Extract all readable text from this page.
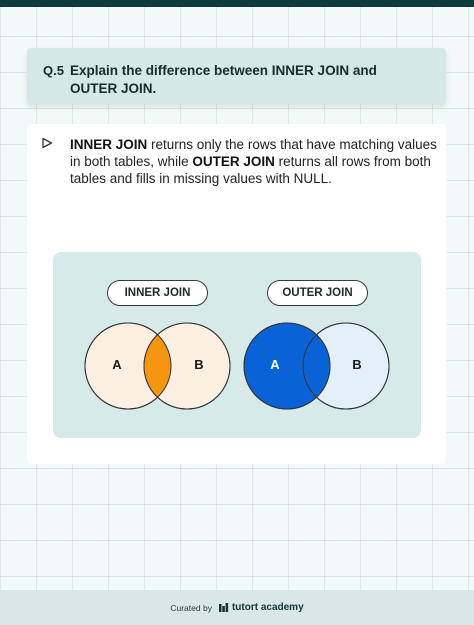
Q.5 Explain the difference between INNER JOIN and OUTER JOIN.
INNER JOIN returns only the rows that have matching values in both tables, while OUTER JOIN returns all rows from both tables and fills in missing values with NULL.
INNER JOIN	OUTER JOIN
A	B	A	B
Curated by tutort academy
